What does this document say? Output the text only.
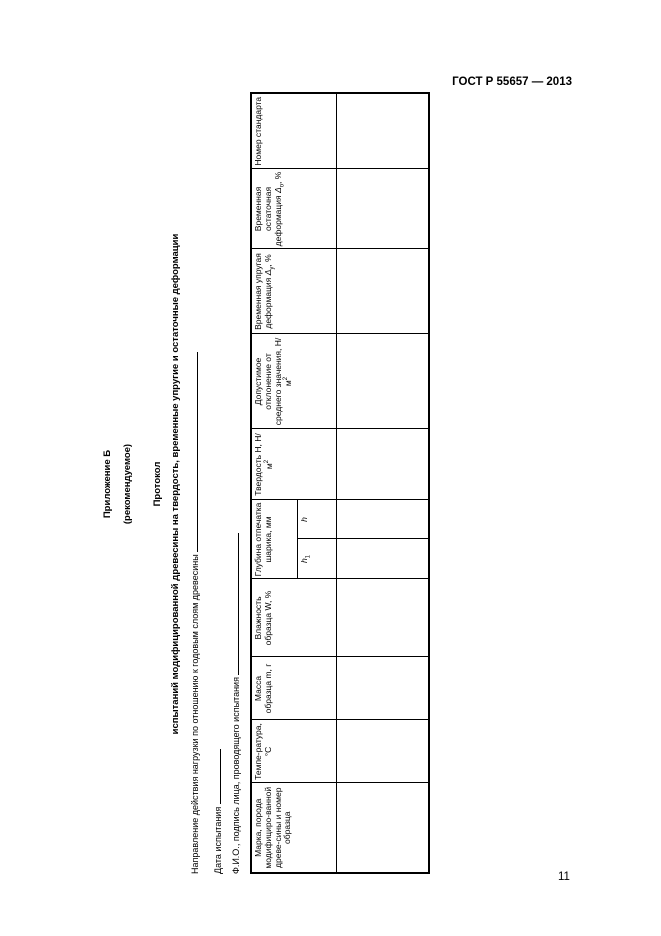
ГОСТ Р 55657 — 2013
Приложение Б (рекомендуемое) Протокол испытаний модифицированной древесины на твердость, временные упругие и остаточные деформации Направление действия нагрузки по отношению к годовым слоям древесины Дата испытания Ф.И.О., подпись лица, проводящего испытания Марка, порода модифициро-ванной древе-сины и номер образца	Темпе-ратура, °С	Масса образца m, г	Влажность образца W, %	Глубина отпечатка шарика, мм		Твердость Н, $Н/м^2$	Допустимое отклонение от среднего значения, $Н/м^2$	Временная упругая деформация $\Delta_у$, %	Временная остаточная деформация $\Delta_о$, %	Номер стандарта
				$h_1$	h					

11
